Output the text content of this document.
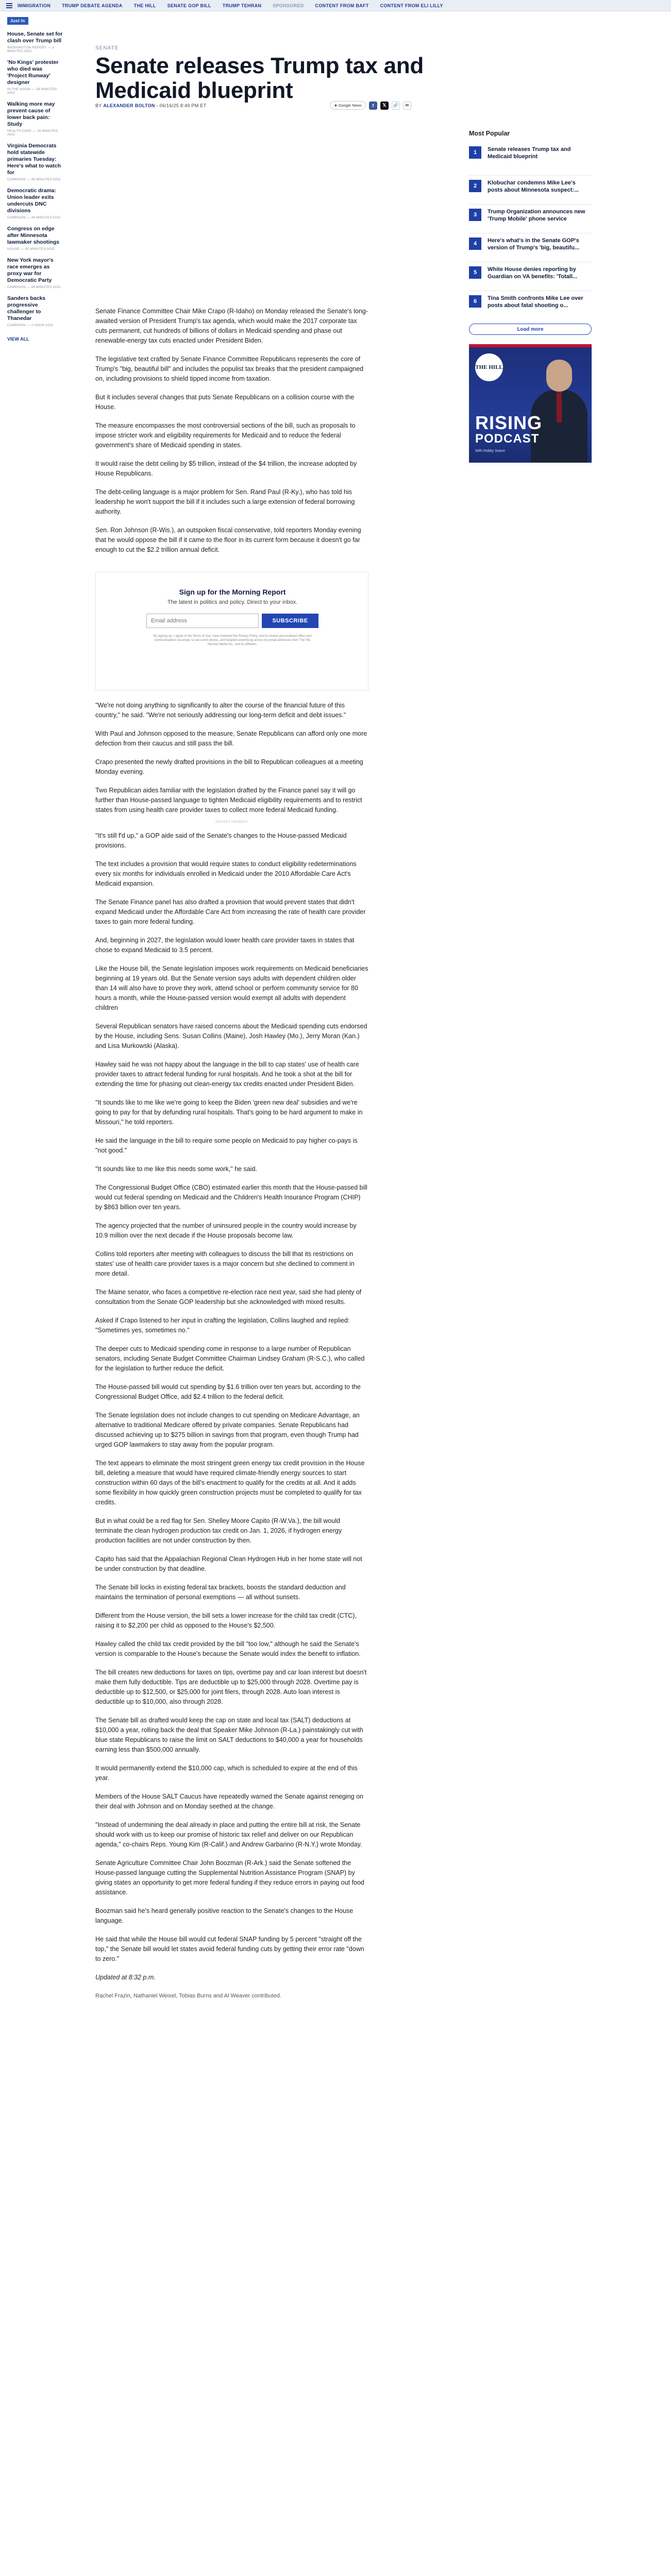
IMMIGRATION TRUMP DEBATE AGENDA THE HILL SENATE GOP BILL TRUMP TEHRAN SPONSORED CONTENT FROM BAFT CONTENT FROM ELI LILLY
Just In
House, Senate set for clash over Trump bill

WASHINGTON REPORT — 2 MINUTES AGO

'No Kings' protester who died was 'Project Runway' designer

IN THE KNOW — 26 MINUTES AGO

Walking more may prevent cause of lower back pain: Study

HEALTH CARE — 26 MINUTES AGO

Virginia Democrats hold statewide primaries Tuesday: Here's what to watch for

CAMPAIGN — 36 MINUTES AGO

Democratic drama: Union leader exits undercuts DNC divisions

CAMPAIGN — 38 MINUTES AGO

Congress on edge after Minnesota lawmaker shootings

HOUSE — 42 MINUTES AGO

New York mayor's race emerges as proxy war for Democratic Party

CAMPAIGN — 44 MINUTES AGO

Sanders backs progressive challenger to Thanedar

CAMPAIGN — 1 HOUR AGO

VIEW ALL
SENATE
Senate releases Trump tax and Medicaid blueprint
BY ALEXANDER BOLTON - 06/16/25 8:49 PM ET	★ Google News	f	𝕏	🔗	✉

Senate Finance Committee Chair Mike Crapo (R-Idaho) on Monday released the Senate's long-awaited version of President Trump's tax agenda, which would make the 2017 corporate tax cuts permanent, cut hundreds of billions of dollars in Medicaid spending and phase out renewable-energy tax cuts enacted under President Biden.

The legislative text crafted by Senate Finance Committee Republicans represents the core of Trump's "big, beautiful bill" and includes the populist tax breaks that the president campaigned on, including provisions to shield tipped income from taxation.

But it includes several changes that puts Senate Republicans on a collision course with the House.

The measure encompasses the most controversial sections of the bill, such as proposals to impose stricter work and eligibility requirements for Medicaid and to reduce the federal government's share of Medicaid spending in states.

It would raise the debt ceiling by $5 trillion, instead of the $4 trillion, the increase adopted by House Republicans.

The debt-ceiling language is a major problem for Sen. Rand Paul (R-Ky.), who has told his leadership he won't support the bill if it includes such a large extension of federal borrowing authority.

Sen. Ron Johnson (R-Wis.), an outspoken fiscal conservative, told reporters Monday evening that he would oppose the bill if it came to the floor in its current form because it doesn't go far enough to cut the $2.2 trillion annual deficit.

Sign up for the Morning Report
The latest in politics and policy. Direct to your inbox.
Email address
SUBSCRIBE
By signing up, I agree to the Terms of Use, have reviewed the Privacy Policy, and to receive personalized offers and communications via email, to see event photos, and targeted advertising across my email addresses from The Hill, Nexstar Media Inc., and its affiliates.

"We're not doing anything to significantly to alter the course of the financial future of this country," he said. "We're not seriously addressing our long-term deficit and debt issues."

With Paul and Johnson opposed to the measure, Senate Republicans can afford only one more defection from their caucus and still pass the bill.

Crapo presented the newly drafted provisions in the bill to Republican colleagues at a meeting Monday evening.

Two Republican aides familiar with the legislation drafted by the Finance panel say it will go further than House-passed language to tighten Medicaid eligibility requirements and to restrict states from using health care provider taxes to collect more federal Medicaid funding.

ADVERTISEMENT

"It's still f'd up," a GOP aide said of the Senate's changes to the House-passed Medicaid provisions.

The text includes a provision that would require states to conduct eligibility redeterminations every six months for individuals enrolled in Medicaid under the 2010 Affordable Care Act's Medicaid expansion.

The Senate Finance panel has also drafted a provision that would prevent states that didn't expand Medicaid under the Affordable Care Act from increasing the rate of health care provider taxes to gain more federal funding.

And, beginning in 2027, the legislation would lower health care provider taxes in states that chose to expand Medicaid to 3.5 percent.

Like the House bill, the Senate legislation imposes work requirements on Medicaid beneficiaries beginning at 19 years old. But the Senate version says adults with dependent children older than 14 will also have to prove they work, attend school or perform community service for 80 hours a month, while the House-passed version would exempt all adults with dependent children

Several Republican senators have raised concerns about the Medicaid spending cuts endorsed by the House, including Sens. Susan Collins (Maine), Josh Hawley (Mo.), Jerry Moran (Kan.) and Lisa Murkowski (Alaska).

Hawley said he was not happy about the language in the bill to cap states' use of health care provider taxes to attract federal funding for rural hospitals. And he took a shot at the bill for extending the time for phasing out clean-energy tax credits enacted under President Biden.

"It sounds like to me like we're going to keep the Biden 'green new deal' subsidies and we're going to pay for that by defunding rural hospitals. That's going to be hard argument to make in Missouri," he told reporters.

He said the language in the bill to require some people on Medicaid to pay higher co-pays is "not good."

"It sounds like to me like this needs some work," he said.

The Congressional Budget Office (CBO) estimated earlier this month that the House-passed bill would cut federal spending on Medicaid and the Children's Health Insurance Program (CHIP) by $863 billion over ten years.

The agency projected that the number of uninsured people in the country would increase by 10.9 million over the next decade if the House proposals become law.

Collins told reporters after meeting with colleagues to discuss the bill that its restrictions on states' use of health care provider taxes is a major concern but she declined to comment in more detail.

The Maine senator, who faces a competitive re-election race next year, said she had plenty of consultation from the Senate GOP leadership but she acknowledged with mixed results.

Asked if Crapo listened to her input in crafting the legislation, Collins laughed and replied: "Sometimes yes, sometimes no."

The deeper cuts to Medicaid spending come in response to a large number of Republican senators, including Senate Budget Committee Chairman Lindsey Graham (R-S.C.), who called for the legislation to further reduce the deficit.

The House-passed bill would cut spending by $1.6 trillion over ten years but, according to the Congressional Budget Office, add $2.4 trillion to the federal deficit.

The Senate legislation does not include changes to cut spending on Medicare Advantage, an alternative to traditional Medicare offered by private companies. Senate Republicans had discussed achieving up to $275 billion in savings from that program, even though Trump had urged GOP lawmakers to stay away from the popular program.

The text appears to eliminate the most stringent green energy tax credit provision in the House bill, deleting a measure that would have required climate-friendly energy sources to start construction within 60 days of the bill's enactment to qualify for the credits at all. And it adds some flexibility in how quickly green construction projects must be completed to qualify for tax credits.

But in what could be a red flag for Sen. Shelley Moore Capito (R-W.Va.), the bill would terminate the clean hydrogen production tax credit on Jan. 1, 2026, if hydrogen energy production facilities are not under construction by then.

Capito has said that the Appalachian Regional Clean Hydrogen Hub in her home state will not be under construction by that deadline.

The Senate bill locks in existing federal tax brackets, boosts the standard deduction and maintains the termination of personal exemptions — all without sunsets.

Different from the House version, the bill sets a lower increase for the child tax credit (CTC), raising it to $2,200 per child as opposed to the House's $2,500.

Hawley called the child tax credit provided by the bill "too low," although he said the Senate's version is comparable to the House's because the Senate would index the benefit to inflation.

The bill creates new deductions for taxes on tips, overtime pay and car loan interest but doesn't make them fully deductible. Tips are deductible up to $25,000 through 2028. Overtime pay is deductible up to $12,500, or $25,000 for joint filers, through 2028. Auto loan interest is deductible up to $10,000, also through 2028.

The Senate bill as drafted would keep the cap on state and local tax (SALT) deductions at $10,000 a year, rolling back the deal that Speaker Mike Johnson (R-La.) painstakingly cut with blue state Republicans to raise the limit on SALT deductions to $40,000 a year for households earning less than $500,000 annually.

It would permanently extend the $10,000 cap, which is scheduled to expire at the end of this year.

Members of the House SALT Caucus have repeatedly warned the Senate against reneging on their deal with Johnson and on Monday seethed at the change.

"Instead of undermining the deal already in place and putting the entire bill at risk, the Senate should work with us to keep our promise of historic tax relief and deliver on our Republican agenda," co-chairs Reps. Young Kim (R-Calif.) and Andrew Garbarino (R-N.Y.) wrote Monday.

Senate Agriculture Committee Chair John Boozman (R-Ark.) said the Senate softened the House-passed language cutting the Supplemental Nutrition Assistance Program (SNAP) by giving states an opportunity to get more federal funding if they reduce errors in paying out food assistance.

Boozman said he's heard generally positive reaction to the Senate's changes to the House language.

He said that while the House bill would cut federal SNAP funding by 5 percent "straight off the top," the Senate bill would let states avoid federal funding cuts by getting their error rate "down to zero."

Updated at 8:32 p.m.

Rachel Frazin, Nathaniel Weixel, Tobias Burns and Al Weaver contributed.

Most Popular
1	Senate releases Trump tax and Medicaid blueprint
2	Klobuchar condemns Mike Lee's posts about Minnesota suspect:...
3	Trump Organization announces new 'Trump Mobile' phone service
4	Here's what's in the Senate GOP's version of Trump's 'big, beautifu...
5	White House denies reporting by Guardian on VA benefits: 'Totall...
6	Tina Smith confronts Mike Lee over posts about fatal shooting o...
Load more
THE HILL
RISING
PODCAST
With Robby Soave
